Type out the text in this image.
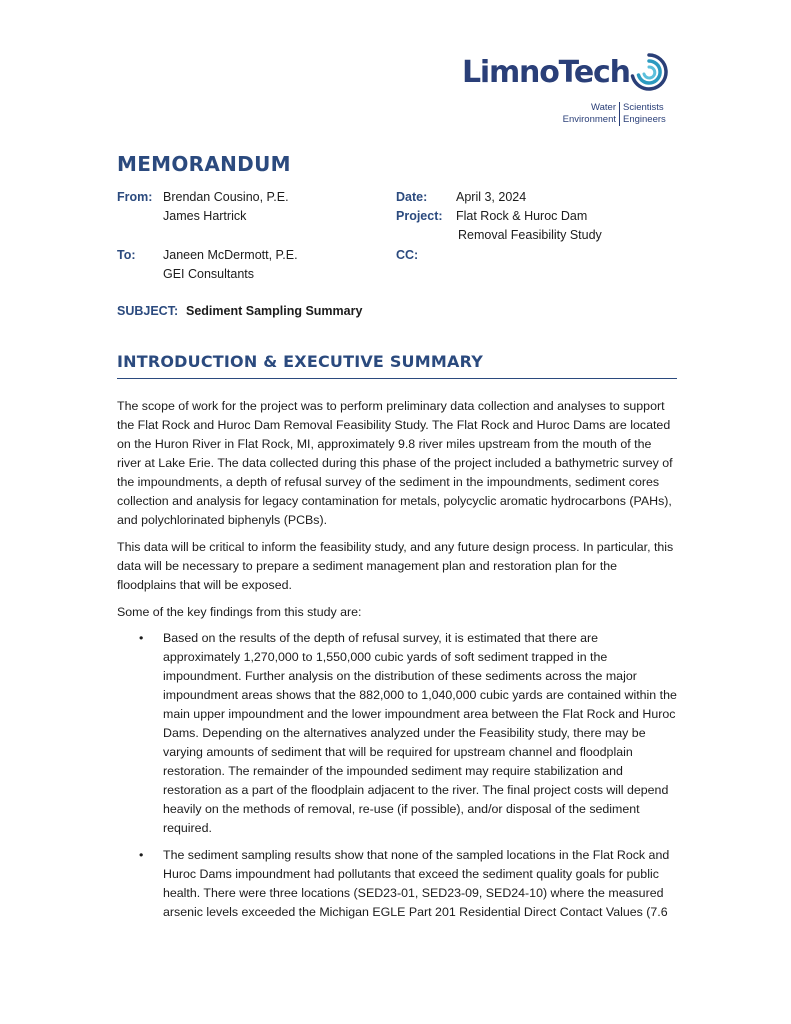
LimnoTech
Water
Environment
Scientists
Engineers
MEMORANDUM
From: Brendan Cousino, P.E.
James Hartrick
Date: April 3, 2024
Project: Flat Rock & Huroc Dam
Removal Feasibility Study
To: Janeen McDermott, P.E.
GEI Consultants
CC:
SUBJECT: Sediment Sampling Summary
INTRODUCTION & EXECUTIVE SUMMARY

The scope of work for the project was to perform preliminary data collection and analyses to support the Flat Rock and Huroc Dam Removal Feasibility Study. The Flat Rock and Huroc Dams are located on the Huron River in Flat Rock, MI, approximately 9.8 river miles upstream from the mouth of the river at Lake Erie. The data collected during this phase of the project included a bathymetric survey of the impoundments, a depth of refusal survey of the sediment in the impoundments, sediment cores collection and analysis for legacy contamination for metals, polycyclic aromatic hydrocarbons (PAHs), and polychlorinated biphenyls (PCBs).

This data will be critical to inform the feasibility study, and any future design process. In particular, this data will be necessary to prepare a sediment management plan and restoration plan for the floodplains that will be exposed.

Some of the key findings from this study are:

• Based on the results of the depth of refusal survey, it is estimated that there are approximately 1,270,000 to 1,550,000 cubic yards of soft sediment trapped in the impoundment. Further analysis on the distribution of these sediments across the major impoundment areas shows that the 882,000 to 1,040,000 cubic yards are contained within the main upper impoundment and the lower impoundment area between the Flat Rock and Huroc Dams. Depending on the alternatives analyzed under the Feasibility study, there may be varying amounts of sediment that will be required for upstream channel and floodplain restoration. The remainder of the impounded sediment may require stabilization and restoration as a part of the floodplain adjacent to the river. The final project costs will depend heavily on the methods of removal, re-use (if possible), and/or disposal of the sediment required.
• The sediment sampling results show that none of the sampled locations in the Flat Rock and Huroc Dams impoundment had pollutants that exceed the sediment quality goals for public health. There were three locations (SED23-01, SED23-09, SED24-10) where the measured arsenic levels exceeded the Michigan EGLE Part 201 Residential Direct Contact Values (7.6
